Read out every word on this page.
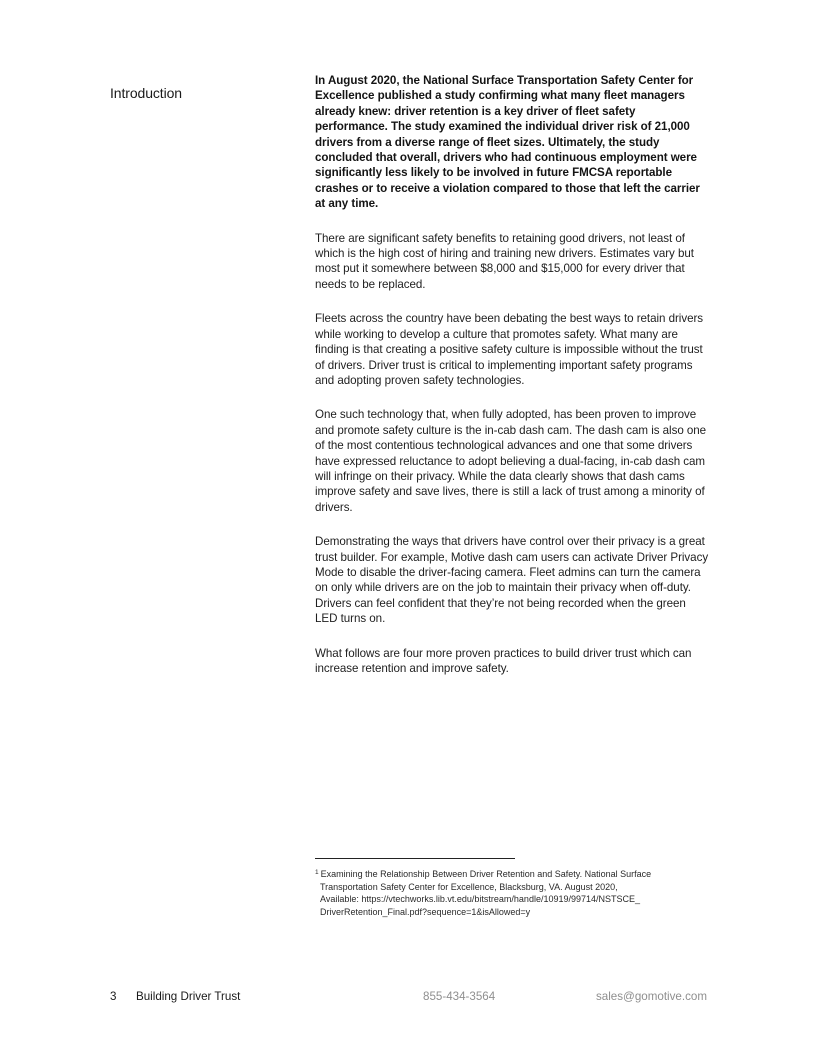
Introduction

In August 2020, the National Surface Transportation Safety Center for Excellence published a study confirming what many fleet managers already knew: driver retention is a key driver of fleet safety performance. The study examined the individual driver risk of 21,000 drivers from a diverse range of fleet sizes. Ultimately, the study concluded that overall, drivers who had continuous employment were significantly less likely to be involved in future FMCSA reportable crashes or to receive a violation compared to those that left the carrier at any time.

There are significant safety benefits to retaining good drivers, not least of which is the high cost of hiring and training new drivers. Estimates vary but most put it somewhere between $8,000 and $15,000 for every driver that needs to be replaced.

Fleets across the country have been debating the best ways to retain drivers while working to develop a culture that promotes safety. What many are finding is that creating a positive safety culture is impossible without the trust of drivers. Driver trust is critical to implementing important safety programs and adopting proven safety technologies.

One such technology that, when fully adopted, has been proven to improve and promote safety culture is the in-cab dash cam. The dash cam is also one of the most contentious technological advances and one that some drivers have expressed reluctance to adopt believing a dual-facing, in-cab dash cam will infringe on their privacy. While the data clearly shows that dash cams improve safety and save lives, there is still a lack of trust among a minority of drivers.

Demonstrating the ways that drivers have control over their privacy is a great trust builder. For example, Motive dash cam users can activate Driver Privacy Mode to disable the driver-facing camera. Fleet admins can turn the camera on only while drivers are on the job to maintain their privacy when off-duty. Drivers can feel confident that they’re not being recorded when the green LED turns on.

What follows are four more proven practices to build driver trust which can increase retention and improve safety.

$^1$ Examining the Relationship Between Driver Retention and Safety. National Surface
Transportation Safety Center for Excellence, Blacksburg, VA. August 2020,
Available: https://vtechworks.lib.vt.edu/bitstream/handle/10919/99714/NSTSCE_
DriverRetention_Final.pdf?sequence=1&isAllowed=y
3 Building Driver Trust	855-434-3564	sales@gomotive.com
